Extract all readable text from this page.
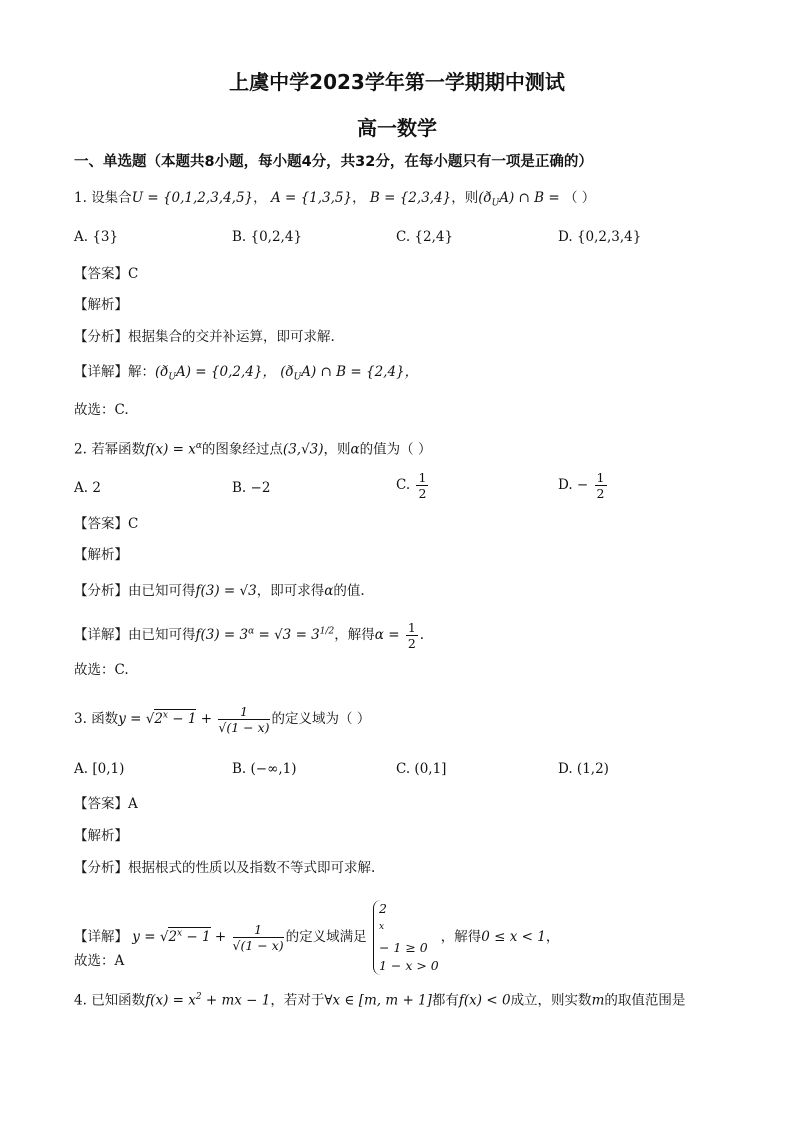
上虞中学2023学年第一学期期中测试
高一数学
一、单选题（本题共8小题，每小题4分，共32分，在每小题只有一项是正确的）
1. 设集合U = {0,1,2,3,4,5}， A = {1,3,5}， B = {2,3,4}，则$(ð_UA)$ ∩ B = （ ）
A. {3}	B. {0,2,4}	C. {2,4}	D. {0,2,3,4}
【答案】C
【解析】
【分析】根据集合的交并补运算，即可求解.
【详解】解：$(ð_UA) = \{0,2,4\}$， $(ð_UA)$ ∩ B = {2,4}，
故选：C.
2. 若幂函数$f(x) = x^\alpha$的图象经过点(3,√3)，则α的值为（ ）
A. 2	B. −2	C. $\frac{1}{2}$	D. − $\frac{1}{2}$
【答案】C
【解析】
【分析】由已知可得f(3) = √3，即可求得α的值.
【详解】由已知可得$f(3) = 3^\alpha = √3 = 3^{1/2}$，解得$\alpha = \frac{1}{2}$ .
故选：C.
3. 函数$y = √2^x - 1 + \frac{1}{√(1 - x)}$ 的定义域为（ ）
A. [0,1)	B. (−∞,1)	C. (0,1]	D. (1,2)
【答案】A
【解析】
【分析】根据根式的性质以及指数不等式即可求解.
【详解】 $y = √2^x - 1 + \frac{1}{√(1 - x)}$ 的定义域满足
2
$^x$
− 1 ≥ 0
1 − x > 0
，解得0 ≤ x < 1，
故选：A
4. 已知函数$f(x) = x^2$ + mx − 1，若对于∀x ∈ [m, m + 1]都有f(x) < 0成立，则实数m的取值范围是
